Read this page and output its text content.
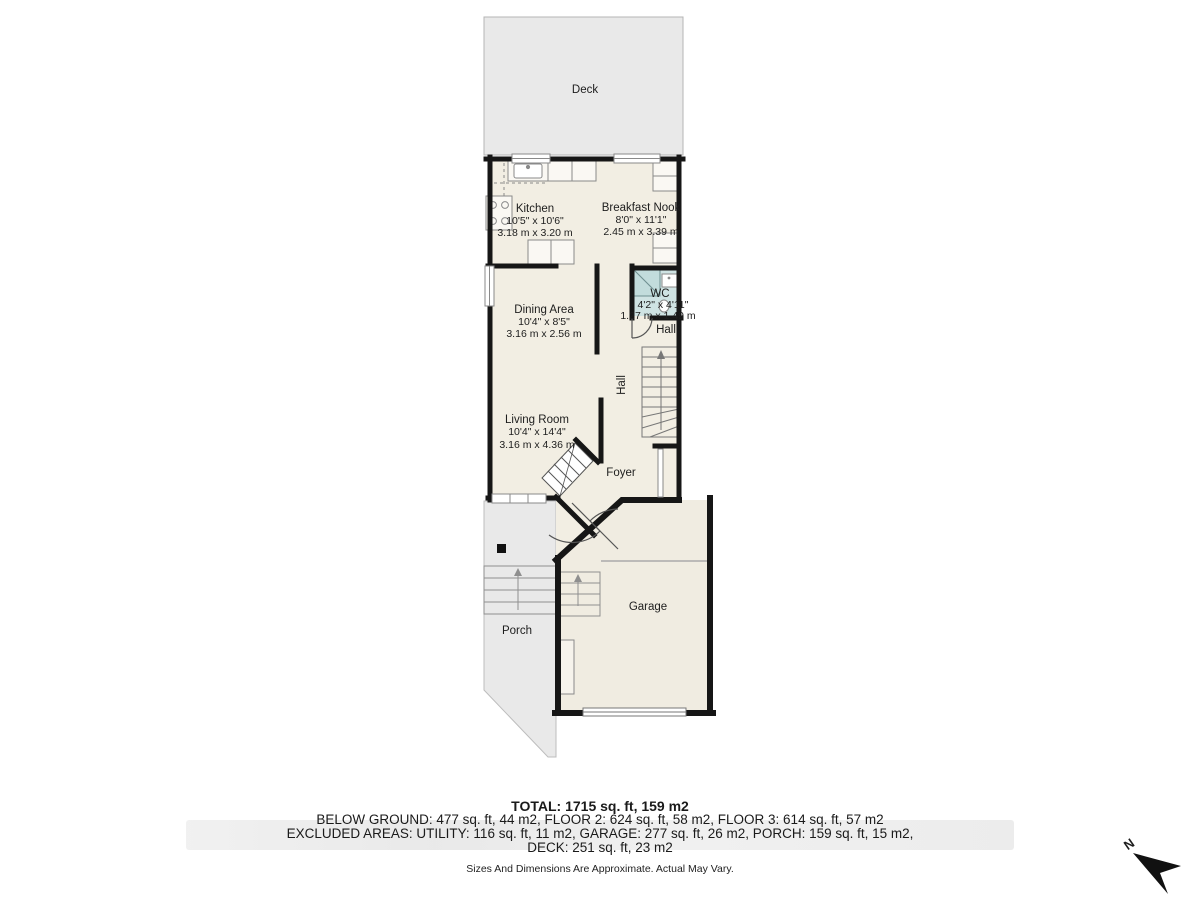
Deck
Kitchen
10'5" x 10'6"
3.18 m x 3.20 m
Breakfast Nook
8'0" x 11'1"
2.45 m x 3.39 m
WC
4'2" x 4'11"
1.27 m x 1.49 m
Dining Area
10'4" x 8'5"
3.16 m x 2.56 m	Hall
Hall
Living Room
10'4" x 14'4"
3.16 m x 4.36 m
Foyer
Garage
Porch
N
TOTAL: 1715 sq. ft, 159 m2
BELOW GROUND: 477 sq. ft, 44 m2, FLOOR 2: 624 sq. ft, 58 m2, FLOOR 3: 614 sq. ft, 57 m2
EXCLUDED AREAS: UTILITY: 116 sq. ft, 11 m2, GARAGE: 277 sq. ft, 26 m2, PORCH: 159 sq. ft, 15 m2,
DECK: 251 sq. ft, 23 m2
Sizes And Dimensions Are Approximate. Actual May Vary.
